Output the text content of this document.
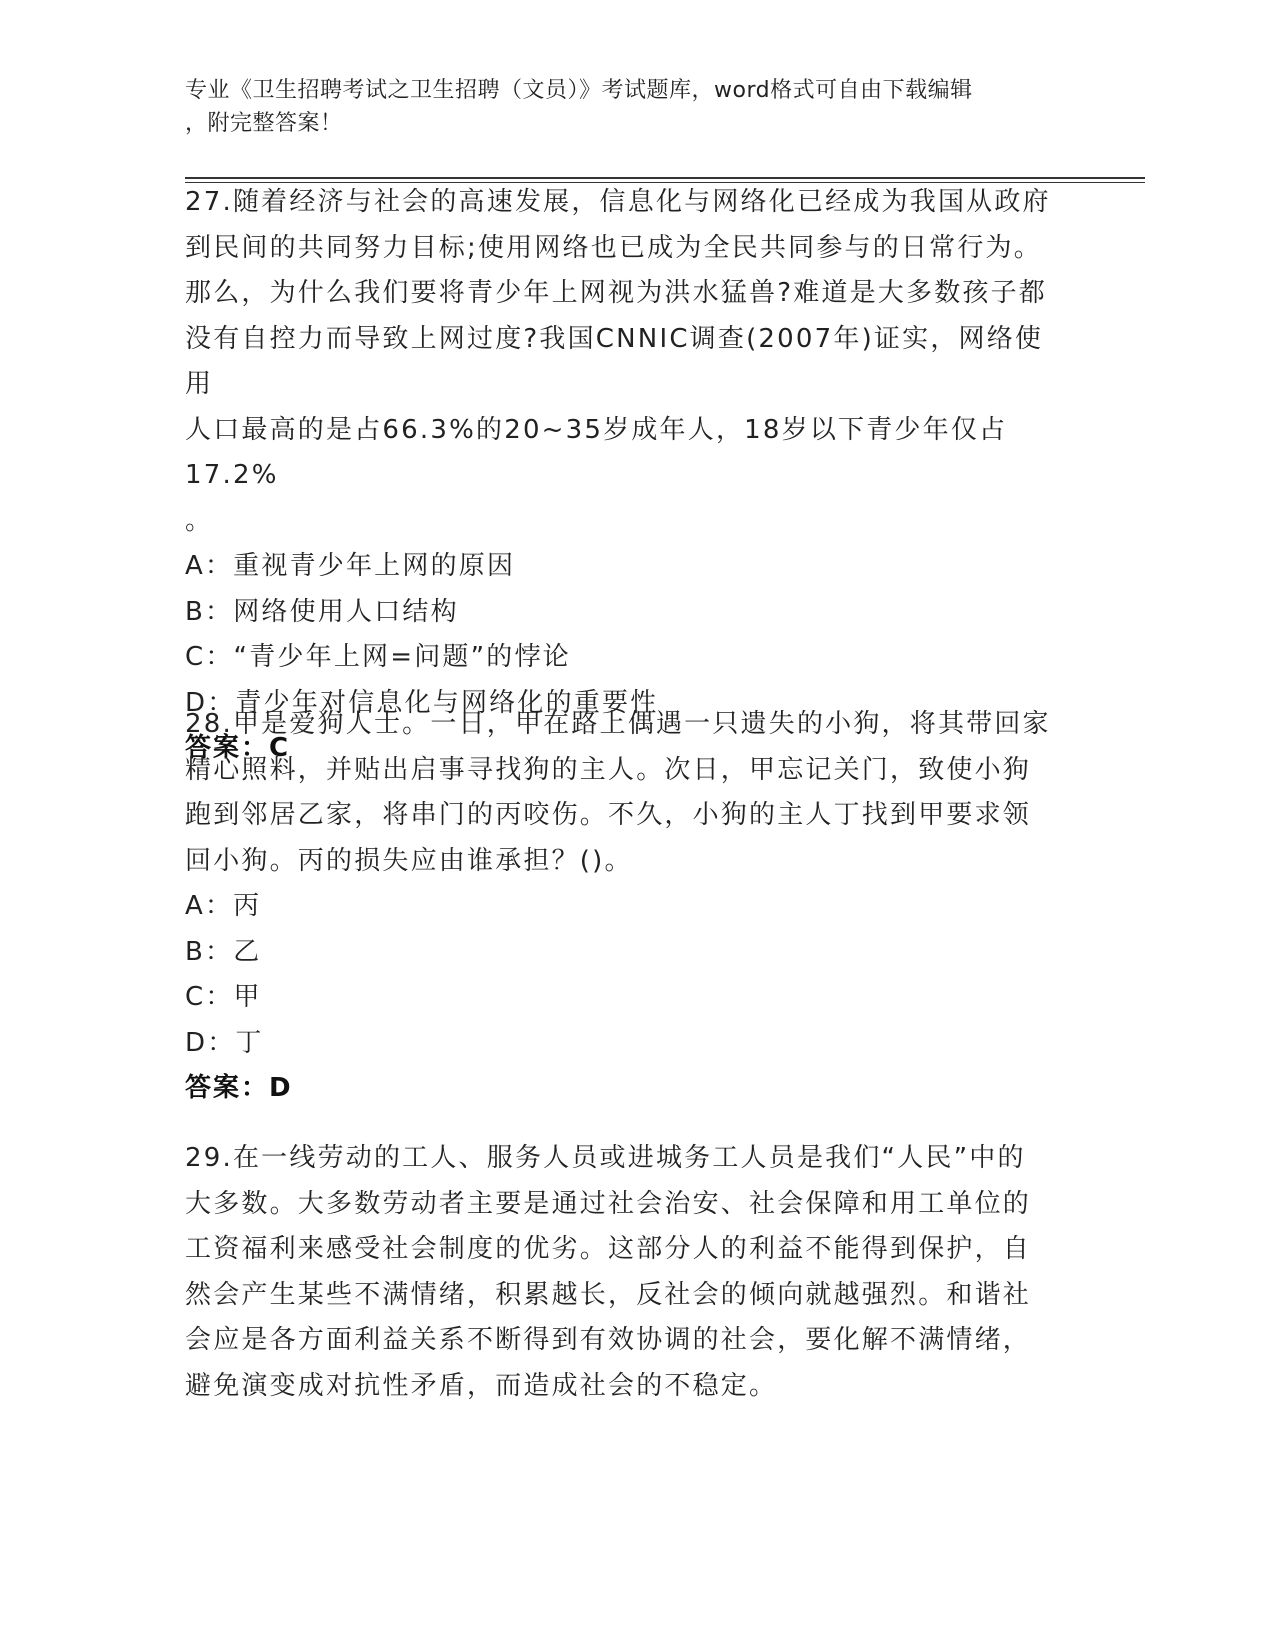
专业《卫生招聘考试之卫生招聘（文员）》考试题库，word格式可自由下载编辑
，附完整答案！

27.随着经济与社会的高速发展，信息化与网络化已经成为我国从政府

到民间的共同努力目标;使用网络也已成为全民共同参与的日常行为。

那么，为什么我们要将青少年上网视为洪水猛兽?难道是大多数孩子都

没有自控力而导致上网过度?我国CNNIC调查(2007年)证实，网络使用

人口最高的是占66.3%的20~35岁成年人，18岁以下青少年仅占17.2%

。

A：重视青少年上网的原因

B：网络使用人口结构

C：“青少年上网=问题”的悖论

D：青少年对信息化与网络化的重要性

答案：C

28.甲是爱狗人士。一日，甲在路上偶遇一只遗失的小狗，将其带回家

精心照料，并贴出启事寻找狗的主人。次日，甲忘记关门，致使小狗

跑到邻居乙家，将串门的丙咬伤。不久，小狗的主人丁找到甲要求领

回小狗。丙的损失应由谁承担？()。

A：丙

B：乙

C：甲

D：丁

答案：D

29.在一线劳动的工人、服务人员或进城务工人员是我们“人民”中的

大多数。大多数劳动者主要是通过社会治安、社会保障和用工单位的

工资福利来感受社会制度的优劣。这部分人的利益不能得到保护，自

然会产生某些不满情绪，积累越长，反社会的倾向就越强烈。和谐社

会应是各方面利益关系不断得到有效协调的社会，要化解不满情绪，

避免演变成对抗性矛盾，而造成社会的不稳定。
